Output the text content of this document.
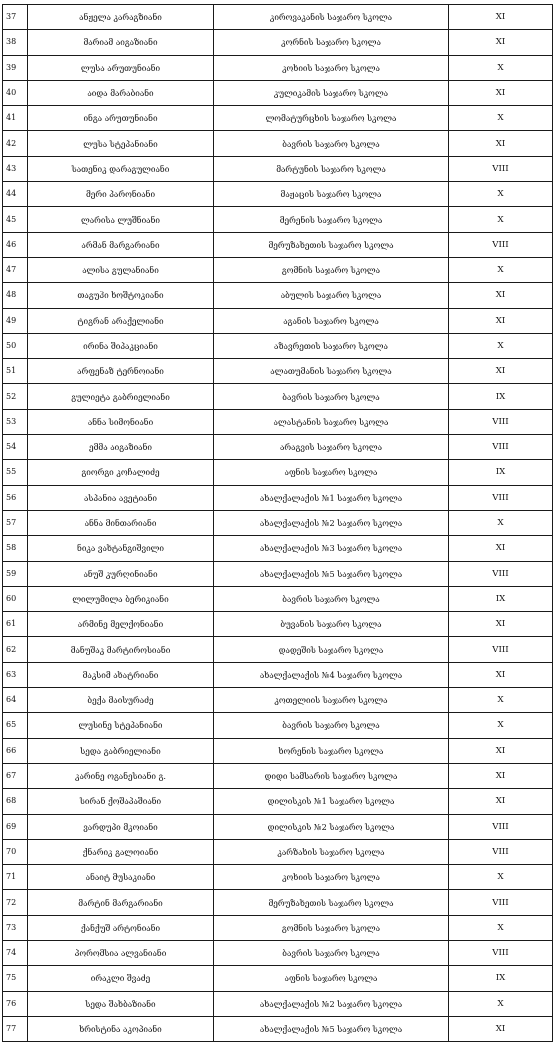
37	ანჟელა კარაგზიანი	კიროვაკანის საჯარო სკოლა	XI
38	მარიამ აიგაზიანი	კორნის საჯარო სკოლა	XI
39	ლუსა არუთუნიანი	კოხიის საჯარო სკოლა	X
40	აიდა მარაბიანი	კულიკამის საჯარო სკოლა	XI
41	ინგა არუთუნიანი	ლომატურცხის საჯარო სკოლა	X
42	ლუსა სტეპანიანი	ბავრის საჯარო სკოლა	XI
43	სათენიკ დარაგულიანი	მარტუნის საჯარო სკოლა	VIII
44	მერი პარონიანი	მაჟაცის საჯარო სკოლა	X
45	ლარისა ლუშნიანი	მერენის საჯარო სკოლა	X
46	არმან მარგარიანი	მერუზახეთის საჯარო სკოლა	VIII
47	ალისა გულანიანი	გომნის საჯარო სკოლა	X
48	თაგუჰი ხოშტოკიანი	აბულის საჯარო სკოლა	XI
49	ტიგრან არაქელიანი	აგანის საჯარო სკოლა	XI
50	ირინა შიპაკციანი	აზავრეთის საჯარო სკოლა	X
51	არფენაზ ტერნოიანი	ალათუმანის საჯარო სკოლა	XI
52	გულიეტა გაბრიელიანი	ბავრის საჯარო სკოლა	IX
53	ანნა სიმონიანი	ალასტანის საჯარო სკოლა	VIII
54	ემმა აიგაზიანი	არაგვის საჯარო სკოლა	VIII
55	გიორგი კოჩალიძე	აფნის საჯარო სკოლა	IX
56	ასპანია ავეტიანი	ახალქალაქის №1 საჯარო სკოლა	VIII
57	ანნა მინთარიანი	ახალქალაქის №2 საჯარო სკოლა	X
58	ნიკა ვახტანგიშვილი	ახალქალაქის №3 საჯარო სკოლა	XI
59	ანუშ კურღინიანი	ახალქალაქის №5 საჯარო სკოლა	VIII
60	ლილუმილა ბერიკიანი	ბავრის საჯარო სკოლა	IX
61	არმინე მელქონიანი	ბუვანის საჯარო სკოლა	XI
62	მანუშაკ მარტიროსიანი	დადეშის საჯარო სკოლა	VIII
63	მაკსიმ ახატრიანი	ახალქალაქის №4 საჯარო სკოლა	XI
64	ბექა მაისურაძე	კოთელიის საჯარო სკოლა	X
65	ლუსინე სტეპანიანი	ბავრის საჯარო სკოლა	X
66	სედა გაბრიელიანი	ხორენის საჯარო სკოლა	XI
67	კარინე ოგანესიანი გ.	დიდი სამსარის საჯარო სკოლა	XI
68	სირან ქოშაპაშიანი	დილისკის №1 საჯარო სკოლა	XI
69	ვარდუპი მკოიანი	დილისკის №2 საჯარო სკოლა	VIII
70	ქნარიკ გალოიანი	კარზახის საჯარო სკოლა	VIII
71	ანაიტ მუსაკიანი	კოხიის საჯარო სკოლა	X
72	მარტინ მარგარიანი	მერუზახეთის საჯარო სკოლა	VIII
73	ქანქუშ არტონიანი	გომნის საჯარო სკოლა	X
74	პორომსია ალვანიანი	ბავრის საჯარო სკოლა	VIII
75	ირაკლი შვაძე	აფნის საჯარო სკოლა	IX
76	სედა შახბაზიანი	ახალქალაქის №2 საჯარო სკოლა	X
77	ხრისტინა აკოპიანი	ახალქალაქის №5 საჯარო სკოლა	XI
